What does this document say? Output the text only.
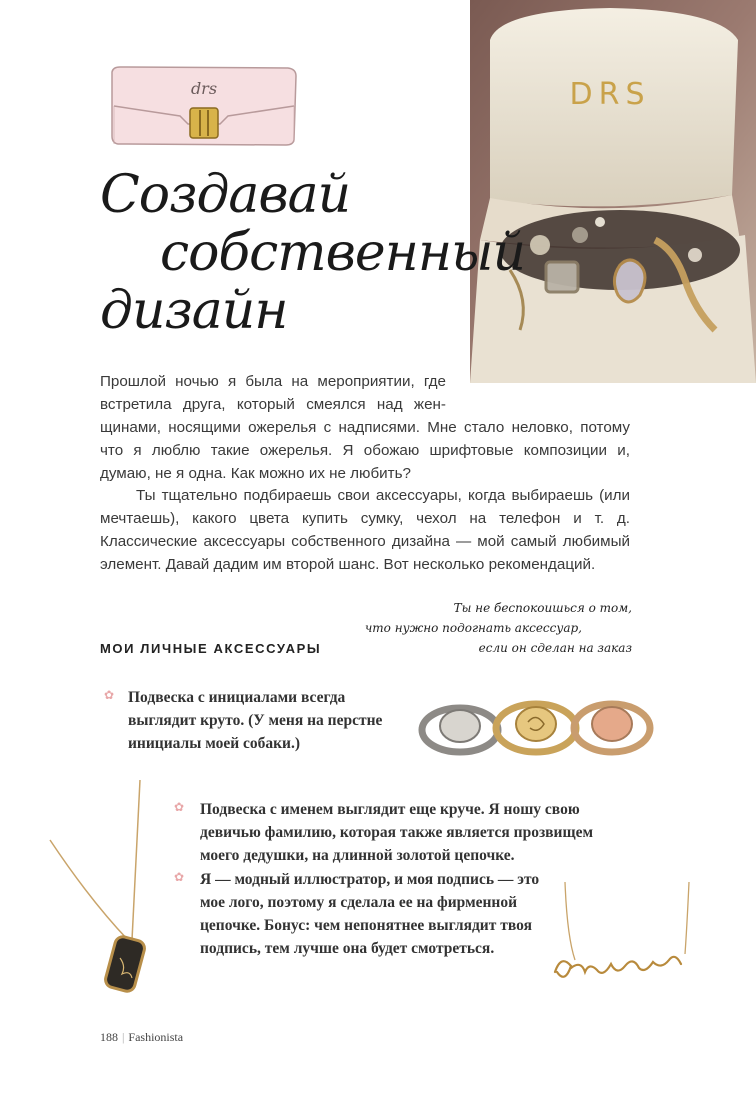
DRS
drs
Создавай
собственный
дизайн
Прошлой ночью я была на мероприятии, где
встретила друга, который смеялся над жен-
щинами, носящими ожерелья с надписями. Мне стало неловко, потому что я люблю такие ожерелья. Я обожаю шрифтовые композиции и, думаю, не я одна. Как можно их не любить?

Ты тщательно подбираешь свои аксессуары, когда выбираешь (или мечтаешь), какого цвета купить сумку, чехол на телефон и т. д. Классические аксессуары собственного дизайна — мой самый любимый элемент. Давай дадим им второй шанс. Вот несколько рекомендаций.

Ты не беспокоишься о том,
что нужно подогнать аксессуар,
если он сделан на заказ
МОИ ЛИЧНЫЕ АКСЕССУАРЫ
✿ Подвеска с инициалами всегда выглядит круто. (У меня на перстне инициалы моей собаки.)
✿ Подвеска с именем выглядит еще круче. Я ношу свою девичью фамилию, которая также является прозвищем моего дедушки, на длинной золотой цепочке.
✿ Я — модный иллюстратор, и моя подпись — это мое лого, поэтому я сделала ее на фирменной цепочке. Бонус: чем непонятнее выглядит твоя подпись, тем лучше она будет смотреться.
188 | Fashionista
